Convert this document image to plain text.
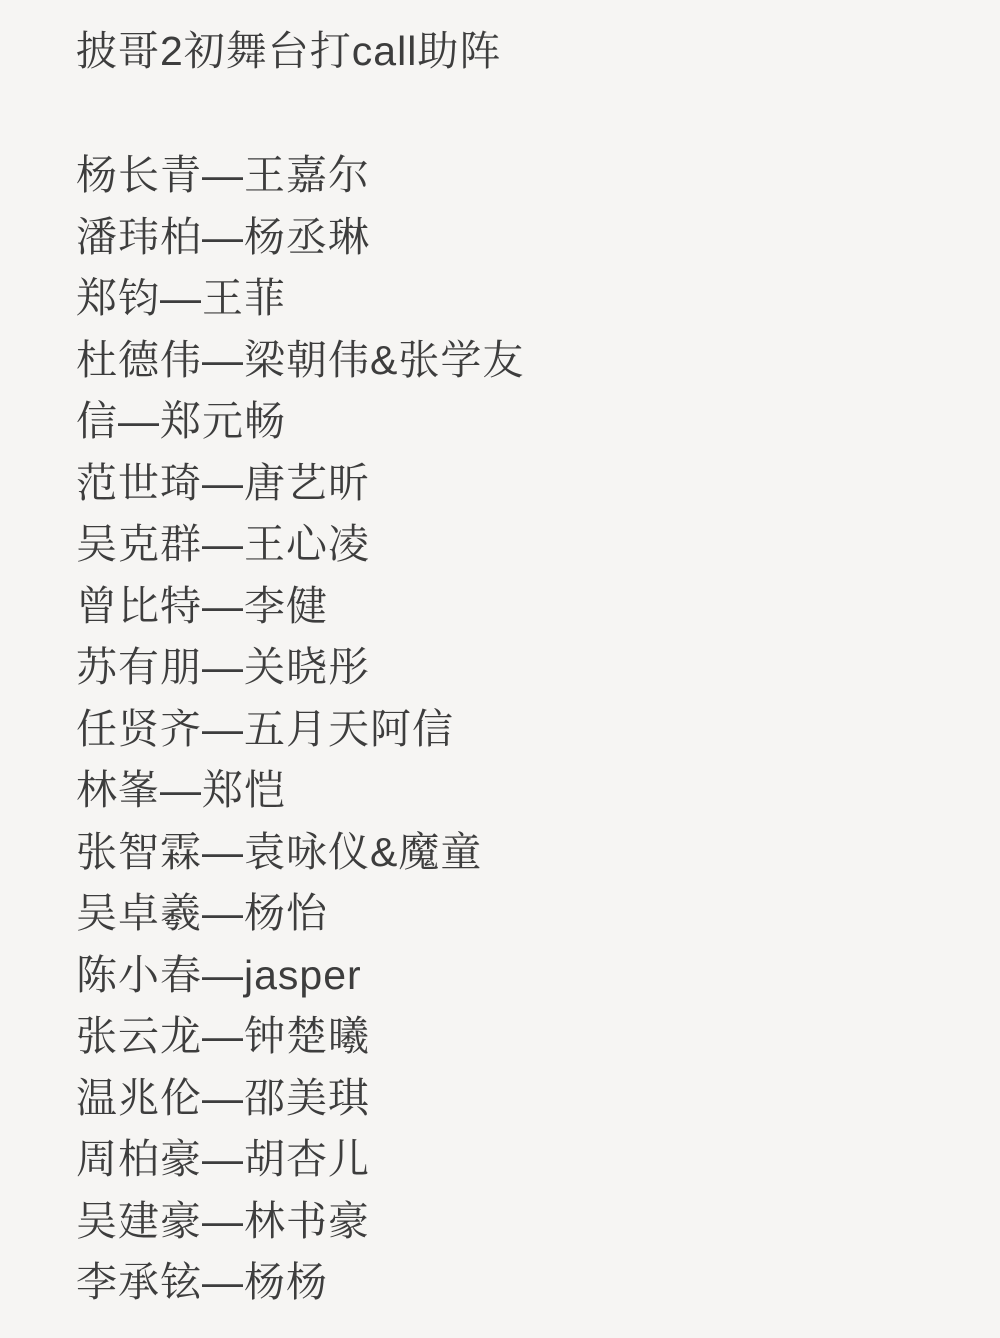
披哥2初舞台打call助阵

杨长青—王嘉尔

潘玮柏—杨丞琳

郑钧—王菲

杜德伟—梁朝伟&张学友

信—郑元畅

范世琦—唐艺昕

吴克群—王心凌

曾比特—李健

苏有朋—关晓彤

任贤齐—五月天阿信

林峯—郑恺

张智霖—袁咏仪&魔童

吴卓羲—杨怡

陈小春—jasper

张云龙—钟楚曦

温兆伦—邵美琪

周柏豪—胡杏儿

吴建豪—林书豪

李承铉—杨杨
